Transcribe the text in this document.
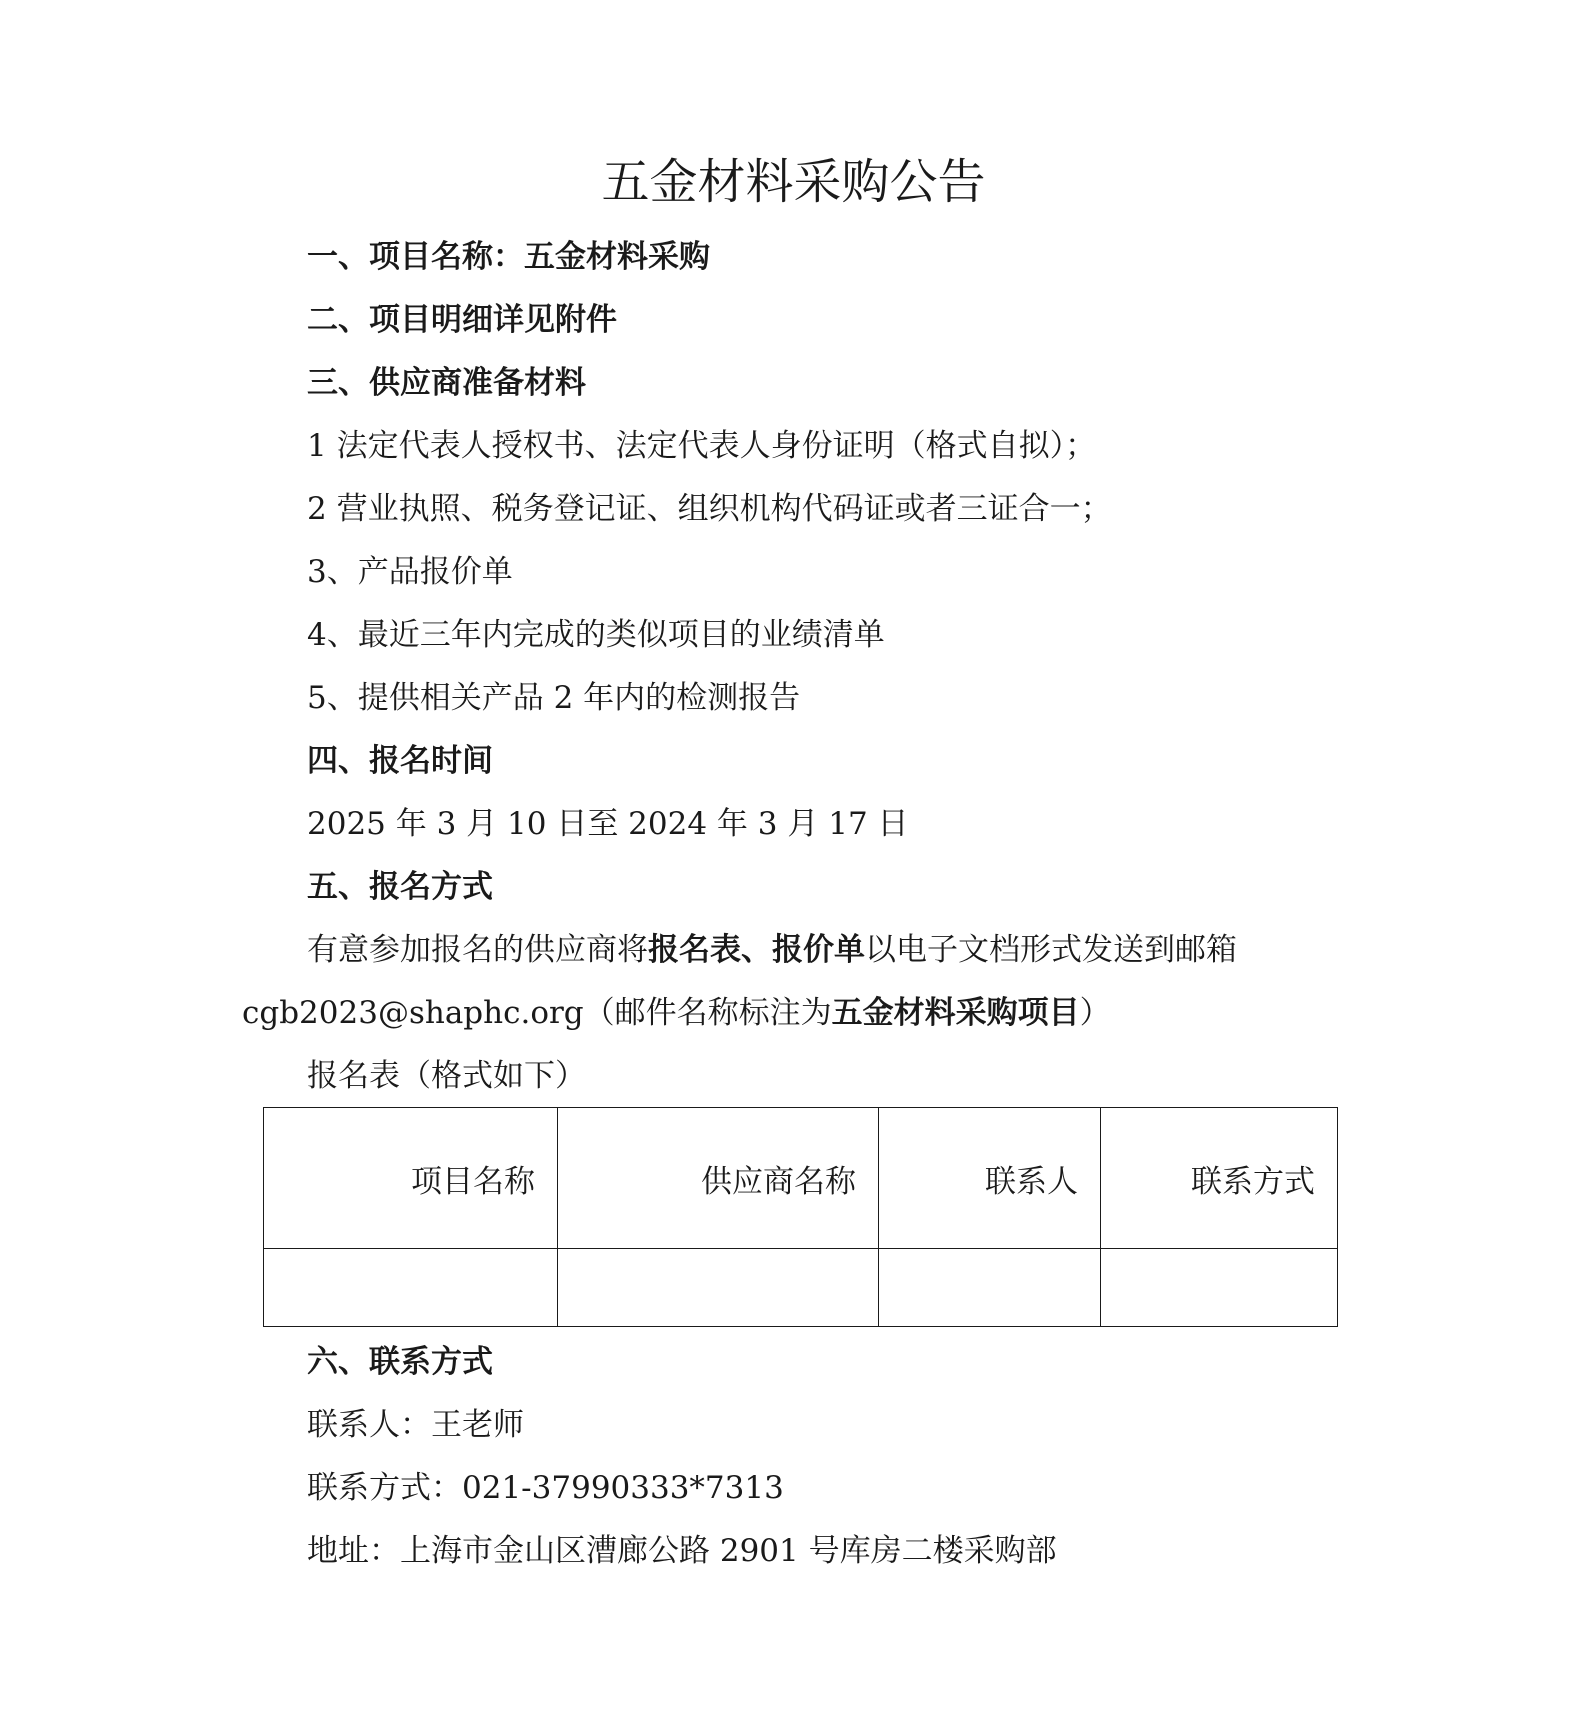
五金材料采购公告

一、项目名称：五金材料采购

二、项目明细详见附件

三、供应商准备材料

1 法定代表人授权书、法定代表人身份证明（格式自拟）；

2 营业执照、税务登记证、组织机构代码证或者三证合一；

3、产品报价单

4、最近三年内完成的类似项目的业绩清单

5、提供相关产品 2 年内的检测报告

四、报名时间

2025 年 3 月 10 日至 2024 年 3 月 17 日

五、报名方式

有意参加报名的供应商将报名表、报价单以电子文档形式发送到邮箱

cgb2023@shaphc.org（邮件名称标注为五金材料采购项目）

报名表（格式如下）

项目名称	供应商名称	联系人	联系方式

六、联系方式

联系人：王老师

联系方式：021-37990333*7313

地址：上海市金山区漕廊公路 2901 号库房二楼采购部
